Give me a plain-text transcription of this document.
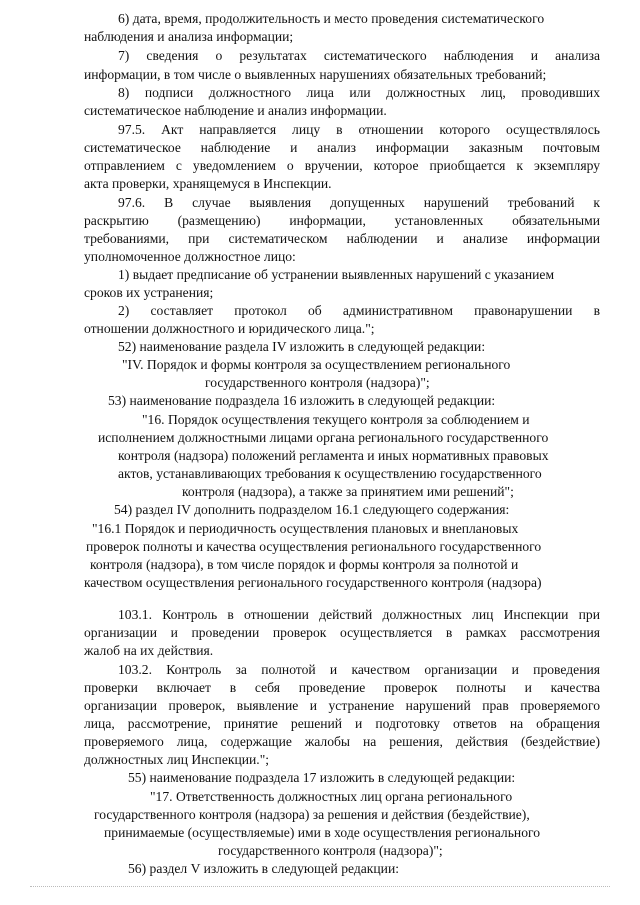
6) дата, время, продолжительность и место проведения систематического
наблюдения и анализа информации;
7) сведения о результатах систематического наблюдения и анализа
информации, в том числе о выявленных нарушениях обязательных требований;
8) подписи должностного лица или должностных лиц, проводивших
систематическое наблюдение и анализ информации.
97.5. Акт направляется лицу в отношении которого осуществлялось
систематическое наблюдение и анализ информации заказным почтовым
отправлением с уведомлением о вручении, которое приобщается к экземпляру
акта проверки, хранящемуся в Инспекции.
97.6. В случае выявления допущенных нарушений требований к
раскрытию (размещению) информации, установленных обязательными
требованиями, при систематическом наблюдении и анализе информации
уполномоченное должностное лицо:
1) выдает предписание об устранении выявленных нарушений с указанием
сроков их устранения;
2) составляет протокол об административном правонарушении в
отношении должностного и юридического лица.";
52) наименование раздела IV изложить в следующей редакции:
"IV. Порядок и формы контроля за осуществлением регионального
государственного контроля (надзора)";
53) наименование подраздела 16 изложить в следующей редакции:
"16. Порядок осуществления текущего контроля за соблюдением и
исполнением должностными лицами органа регионального государственного
контроля (надзора) положений регламента и иных нормативных правовых
актов, устанавливающих требования к осуществлению государственного
контроля (надзора), а также за принятием ими решений";
54) раздел IV дополнить подразделом 16.1 следующего содержания:
"16.1 Порядок и периодичность осуществления плановых и внеплановых
проверок полноты и качества осуществления регионального государственного
контроля (надзора), в том числе порядок и формы контроля за полнотой и
качеством осуществления регионального государственного контроля (надзора)
103.1. Контроль в отношении действий должностных лиц Инспекции при
организации и проведении проверок осуществляется в рамках рассмотрения
жалоб на их действия.
103.2. Контроль за полнотой и качеством организации и проведения
проверки включает в себя проведение проверок полноты и качества
организации проверок, выявление и устранение нарушений прав проверяемого
лица, рассмотрение, принятие решений и подготовку ответов на обращения
проверяемого лица, содержащие жалобы на решения, действия (бездействие)
должностных лиц Инспекции.";
55) наименование подраздела 17 изложить в следующей редакции:
"17. Ответственность должностных лиц органа регионального
государственного контроля (надзора) за решения и действия (бездействие),
принимаемые (осуществляемые) ими в ходе осуществления регионального
государственного контроля (надзора)";
56) раздел V изложить в следующей редакции:
